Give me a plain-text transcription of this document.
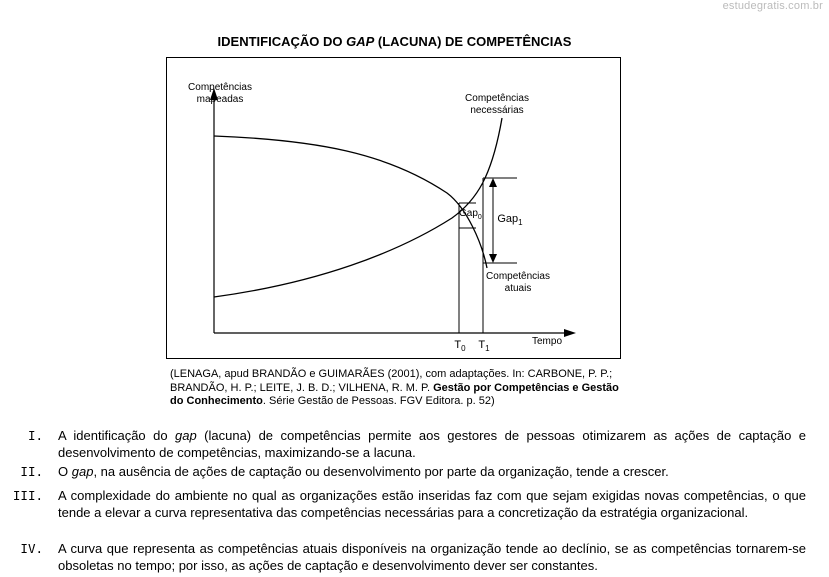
estudegratis.com.br
IDENTIFICAÇÃO DO GAP (LACUNA) DE COMPETÊNCIAS
Competências
mapeadas	Competências
necessárias
Competências
atuais
Gap$_0$ Gap$_1$
$T_0$	$T_1$
Tempo
(LENAGA, apud BRANDÃO e GUIMARÃES (2001), com adaptações. In: CARBONE, P. P.; BRANDÃO, H. P.; LEITE, J. B. D.; VILHENA, R. M. P. Gestão por Competências e Gestão do Conhecimento. Série Gestão de Pessoas. FGV Editora. p. 52)
I. A identificação do gap (lacuna) de competências permite aos gestores de pessoas otimizarem as ações de captação e desenvolvimento de competências, maximizando-se a lacuna.
II. O gap, na ausência de ações de captação ou desenvolvimento por parte da organização, tende a crescer.
III. A complexidade do ambiente no qual as organizações estão inseridas faz com que sejam exigidas novas competências, o que tende a elevar a curva representativa das competências necessárias para a concretização da estratégia organizacional.
IV. A curva que representa as competências atuais disponíveis na organização tende ao declínio, se as competências tornarem-se obsoletas no tempo; por isso, as ações de captação e desenvolvimento dever ser constantes.
